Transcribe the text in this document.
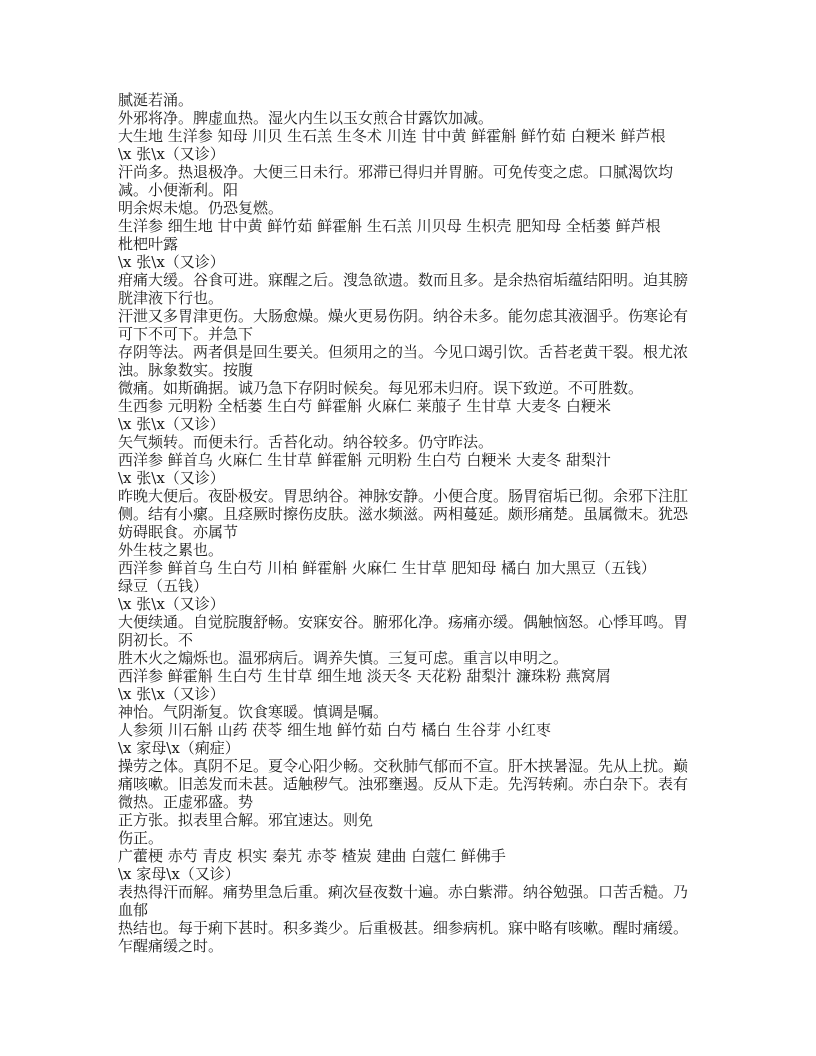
腻涎若涌。

外邪将净。脾虚血热。湿火内生以玉女煎合甘露饮加减。

大生地 生洋参 知母 川贝 生石羔 生冬术 川连 甘中黄 鲜霍斛 鲜竹茹 白粳米 鲜芦根

\x 张\x（又诊）

汗尚多。热退极净。大便三日未行。邪滞已得归并胃腑。可免传变之虑。口腻渴饮均减。小便渐利。阳

明余烬未熄。仍恐复燃。

生洋参 细生地 甘中黄 鲜竹茹 鲜霍斛 生石羔 川贝母 生枳壳 肥知母 全栝蒌 鲜芦根

枇杷叶露

\x 张\x（又诊）

疳痛大缓。谷食可进。寐醒之后。溲急欲遗。数而且多。是余热宿垢蕴结阳明。迫其膀胱津液下行也。

汗泄又多胃津更伤。大肠愈燥。燥火更易伤阴。纳谷未多。能勿虑其液涸乎。伤寒论有可下不可下。并急下

存阴等法。两者俱是回生要关。但须用之的当。今见口竭引饮。舌苔老黄干裂。根尤浓浊。脉象数实。按腹

微痛。如斯确据。诚乃急下存阴时候矣。每见邪未归府。误下致逆。不可胜数。

生西参 元明粉 全栝蒌 生白芍 鲜霍斛 火麻仁 莱菔子 生甘草 大麦冬 白粳米

\x 张\x（又诊）

矢气频转。而便未行。舌苔化动。纳谷较多。仍守昨法。

西洋参 鲜首乌 火麻仁 生甘草 鲜霍斛 元明粉 生白芍 白粳米 大麦冬 甜梨汁

\x 张\x（又诊）

昨晚大便后。夜卧极安。胃思纳谷。神脉安静。小便合度。肠胃宿垢已彻。余邪下注肛侧。结有小瘰。且痉厥时擦伤皮肤。滋水频滋。两相蔓延。颇形痛楚。虽属微末。犹恐妨碍眠食。亦属节

外生枝之累也。

西洋参 鲜首乌 生白芍 川柏 鲜霍斛 火麻仁 生甘草 肥知母 橘白 加大黑豆（五钱）

绿豆（五钱）

\x 张\x（又诊）

大便续通。自觉脘腹舒畅。安寐安谷。腑邪化净。疡痛亦缓。偶触恼怒。心悸耳鸣。胃阴初长。不

胜木火之煽烁也。温邪病后。调养失慎。三复可虑。重言以申明之。

西洋参 鲜霍斛 生白芍 生甘草 细生地 淡天冬 天花粉 甜梨汁 濂珠粉 燕窝屑

\x 张\x（又诊）

神怡。气阴渐复。饮食寒暖。慎调是嘱。

人参须 川石斛 山药 茯苓 细生地 鲜竹茹 白芍 橘白 生谷芽 小红枣

\x 家母\x（痢症）

操劳之体。真阴不足。夏令心阳少畅。交秋肺气郁而不宣。肝木挟暑湿。先从上扰。巅痛咳嗽。旧恙发而未甚。适触秽气。浊邪壅遏。反从下走。先泻转痢。赤白杂下。表有微热。正虚邪盛。势

正方张。拟表里合解。邪宜速达。则免

伤正。

广藿梗 赤芍 青皮 枳实 秦艽 赤苓 楂炭 建曲 白蔻仁 鲜佛手

\x 家母\x（又诊）

表热得汗而解。痛势里急后重。痢次昼夜数十遍。赤白紫滞。纳谷勉强。口苦舌糙。乃血郁

热结也。每于痢下甚时。积多粪少。后重极甚。细参病机。寐中略有咳嗽。醒时痛缓。乍醒痛缓之时。
